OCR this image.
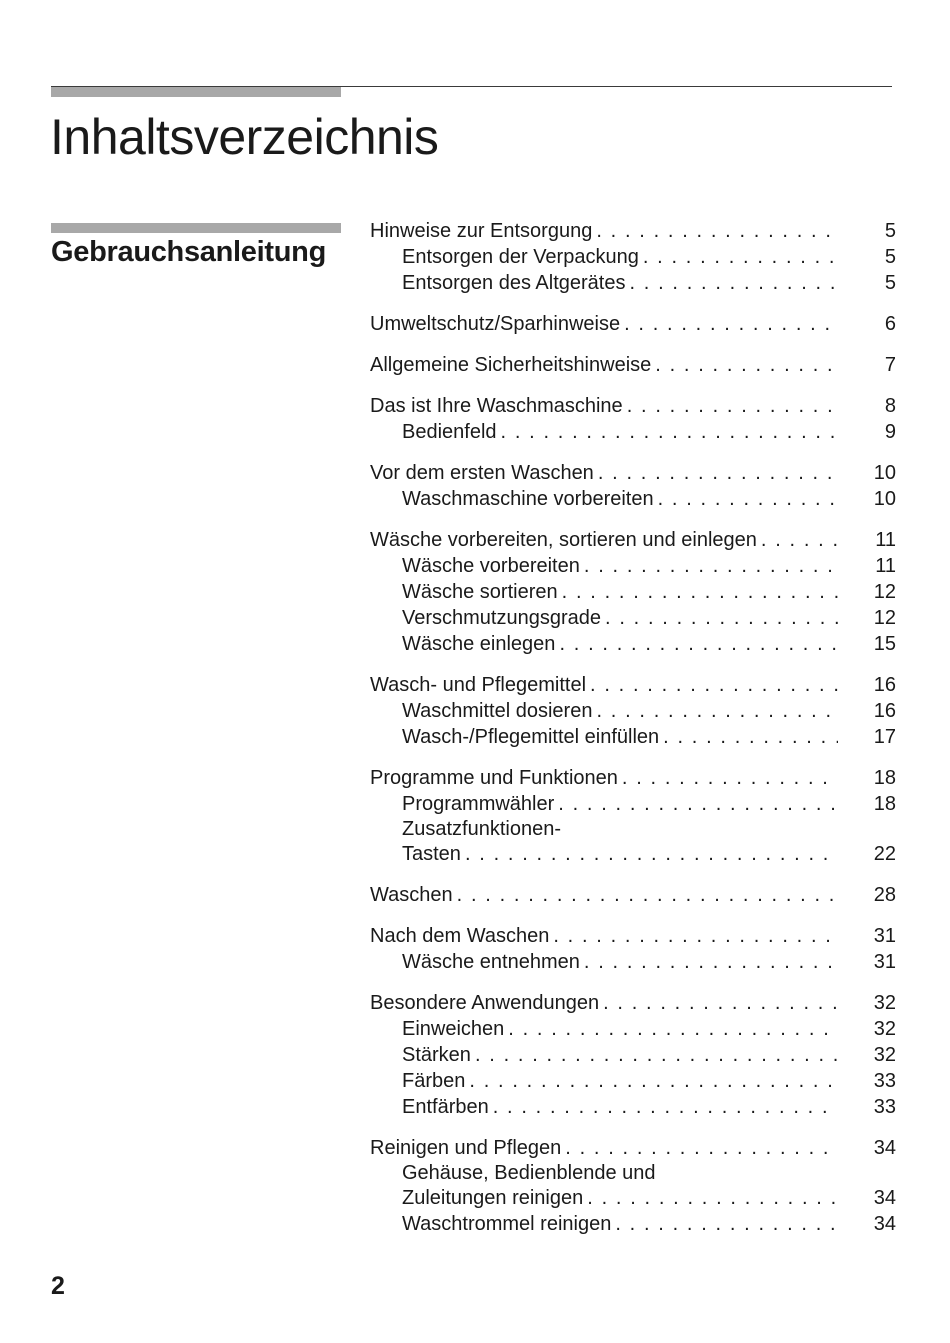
Inhaltsverzeichnis
Gebrauchsanleitung
Hinweise zur Entsorgung . . .	5
Entsorgen der Verpackung . . .	5
Entsorgen des Altgerätes . . .	5
Umweltschutz/Sparhinweise . . .	6
Allgemeine Sicherheitshinweise . . .	7
Das ist Ihre Waschmaschine . . .	8
Bedienfeld . . .	9
Vor dem ersten Waschen . . .	10
Waschmaschine vorbereiten . . .	10
Wäsche vorbereiten, sortieren und einlegen . . .	11
Wäsche vorbereiten . . .	11
Wäsche sortieren . . .	12
Verschmutzungsgrade . . .	12
Wäsche einlegen . . .	15
Wasch- und Pflegemittel . . .	16
Waschmittel dosieren . . .	16
Wasch-/Pflegemittel einfüllen . . .	17
Programme und Funktionen . . .	18
Programmwähler . . .	18
Zusatzfunktionen-
Tasten . . .	22
Waschen . . .	28
Nach dem Waschen . . .	31
Wäsche entnehmen . . .	31
Besondere Anwendungen . . .	32
Einweichen . . .	32
Stärken . . .	32
Färben . . .	33
Entfärben . . .	33
Reinigen und Pflegen . . .	34
Gehäuse, Bedienblende und
Zuleitungen reinigen . . .	34
Waschtrommel reinigen . . .	34
2
